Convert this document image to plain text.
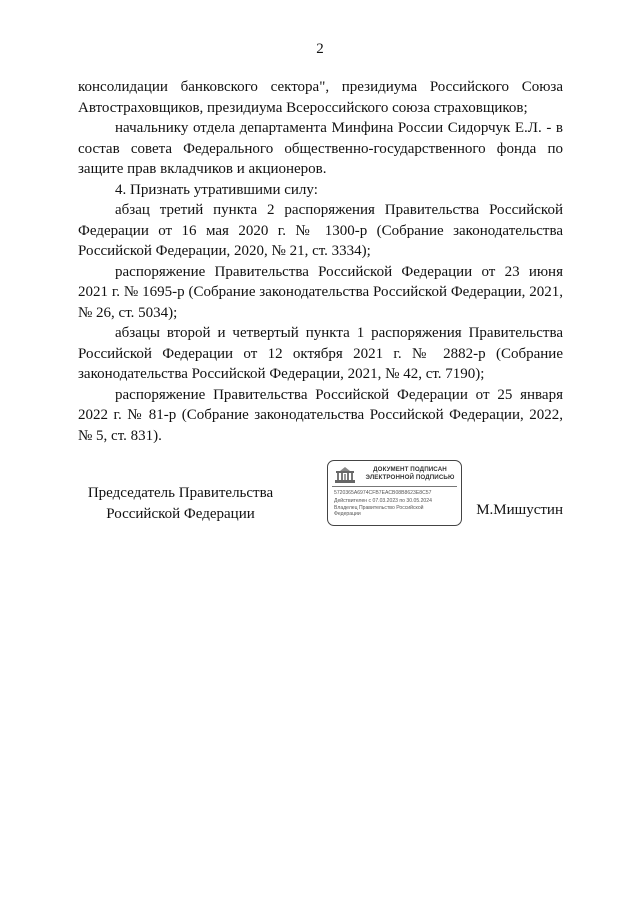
2

консолидации банковского сектора", президиума Российского Союза Автостраховщиков, президиума Всероссийского союза страховщиков;

начальнику отдела департамента Минфина России Сидорчук Е.Л. - в состав совета Федерального общественно-государственного фонда по защите прав вкладчиков и акционеров.

4. Признать утратившими силу:

абзац третий пункта 2 распоряжения Правительства Российской Федерации от 16 мая 2020 г. № 1300-р (Собрание законодательства Российской Федерации, 2020, № 21, ст. 3334);

распоряжение Правительства Российской Федерации от 23 июня 2021 г. № 1695-р (Собрание законодательства Российской Федерации, 2021, № 26, ст. 5034);

абзацы второй и четвертый пункта 1 распоряжения Правительства Российской Федерации от 12 октября 2021 г. № 2882-р (Собрание законодательства Российской Федерации, 2021, № 42, ст. 7190);

распоряжение Правительства Российской Федерации от 25 января 2022 г. № 81-р (Собрание законодательства Российской Федерации, 2022, № 5, ст. 831).

Председатель Правительства
Российской Федерации
ДОКУМЕНТ ПОДПИСАН
ЭЛЕКТРОННОЙ ПОДПИСЬЮ
5720365A6974CFB7EACB08B8623E8C57
Действителен с 07.03.2023 по 30.05.2024
Владелец Правительство Российской
Федерации	М.Мишустин
